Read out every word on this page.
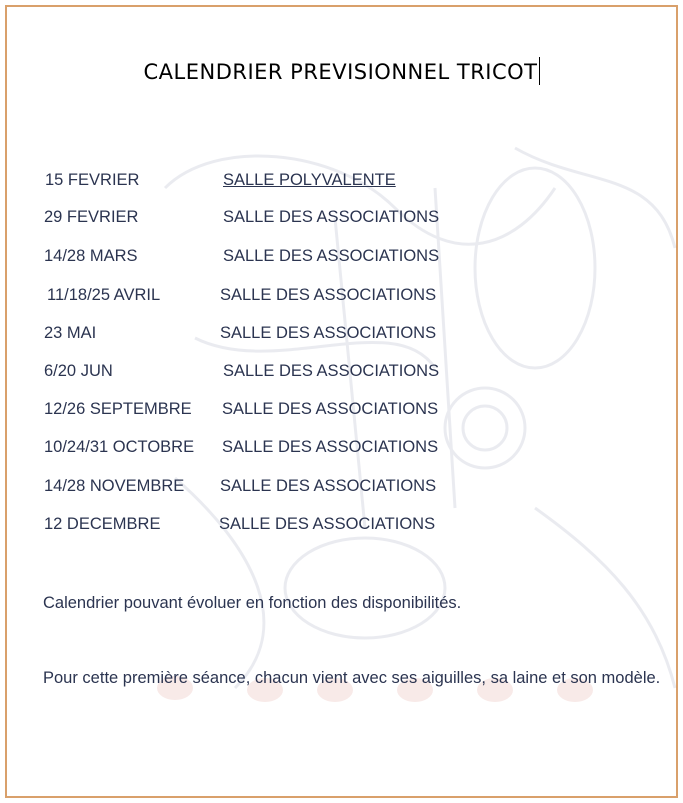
CALENDRIER PREVISIONNEL TRICOT
15 FEVRIER	SALLE POLYVALENTE
29 FEVRIER	SALLE DES ASSOCIATIONS
14/28 MARS	SALLE DES ASSOCIATIONS
11/18/25 AVRIL	SALLE DES ASSOCIATIONS
23 MAI	SALLE DES ASSOCIATIONS
6/20 JUN	SALLE DES ASSOCIATIONS
12/26 SEPTEMBRE SALLE DES ASSOCIATIONS
10/24/31 OCTOBRE SALLE DES ASSOCIATIONS
14/28 NOVEMBRE SALLE DES ASSOCIATIONS
12 DECEMBRE	SALLE DES ASSOCIATIONS
Calendrier pouvant évoluer en fonction des disponibilités.
Pour cette première séance, chacun vient avec ses aiguilles, sa laine et son modèle.
